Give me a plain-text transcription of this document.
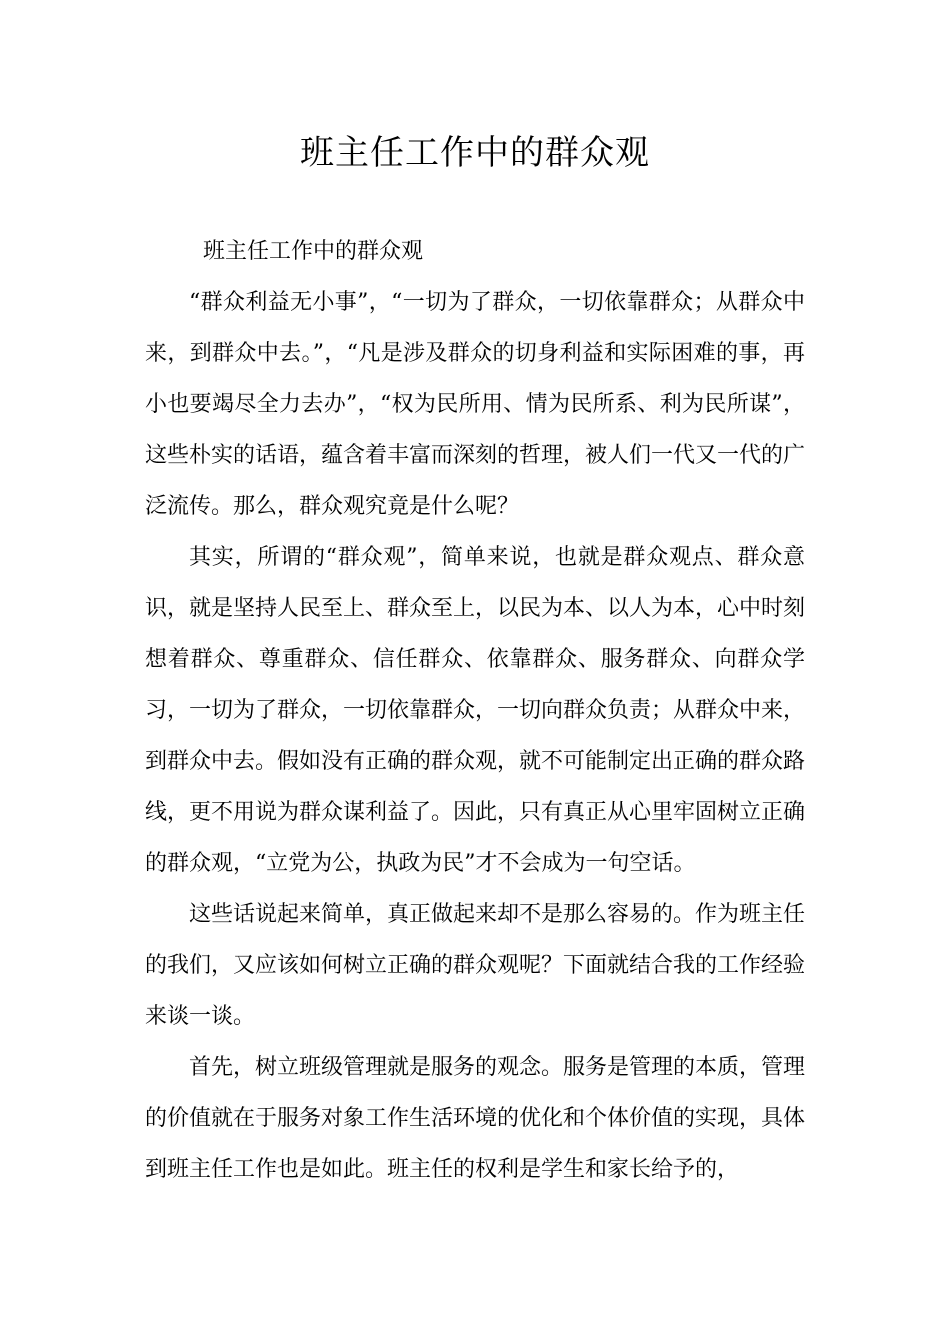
班主任工作中的群众观

班主任工作中的群众观

“群众利益无小事”，“一切为了群众，一切依靠群众；从群众中来，到群众中去。”，“凡是涉及群众的切身利益和实际困难的事，再小也要竭尽全力去办”，“权为民所用、情为民所系、利为民所谋”，这些朴实的话语，蕴含着丰富而深刻的哲理，被人们一代又一代的广泛流传。那么，群众观究竟是什么呢？

其实，所谓的“群众观”，简单来说，也就是群众观点、群众意识，就是坚持人民至上、群众至上，以民为本、以人为本，心中时刻想着群众、尊重群众、信任群众、依靠群众、服务群众、向群众学习，一切为了群众，一切依靠群众，一切向群众负责；从群众中来，到群众中去。假如没有正确的群众观，就不可能制定出正确的群众路线，更不用说为群众谋利益了。因此，只有真正从心里牢固树立正确的群众观，“立党为公，执政为民”才不会成为一句空话。

这些话说起来简单，真正做起来却不是那么容易的。作为班主任的我们，又应该如何树立正确的群众观呢？下面就结合我的工作经验来谈一谈。

首先，树立班级管理就是服务的观念。服务是管理的本质，管理的价值就在于服务对象工作生活环境的优化和个体价值的实现，具体到班主任工作也是如此。班主任的权利是学生和家长给予的，
